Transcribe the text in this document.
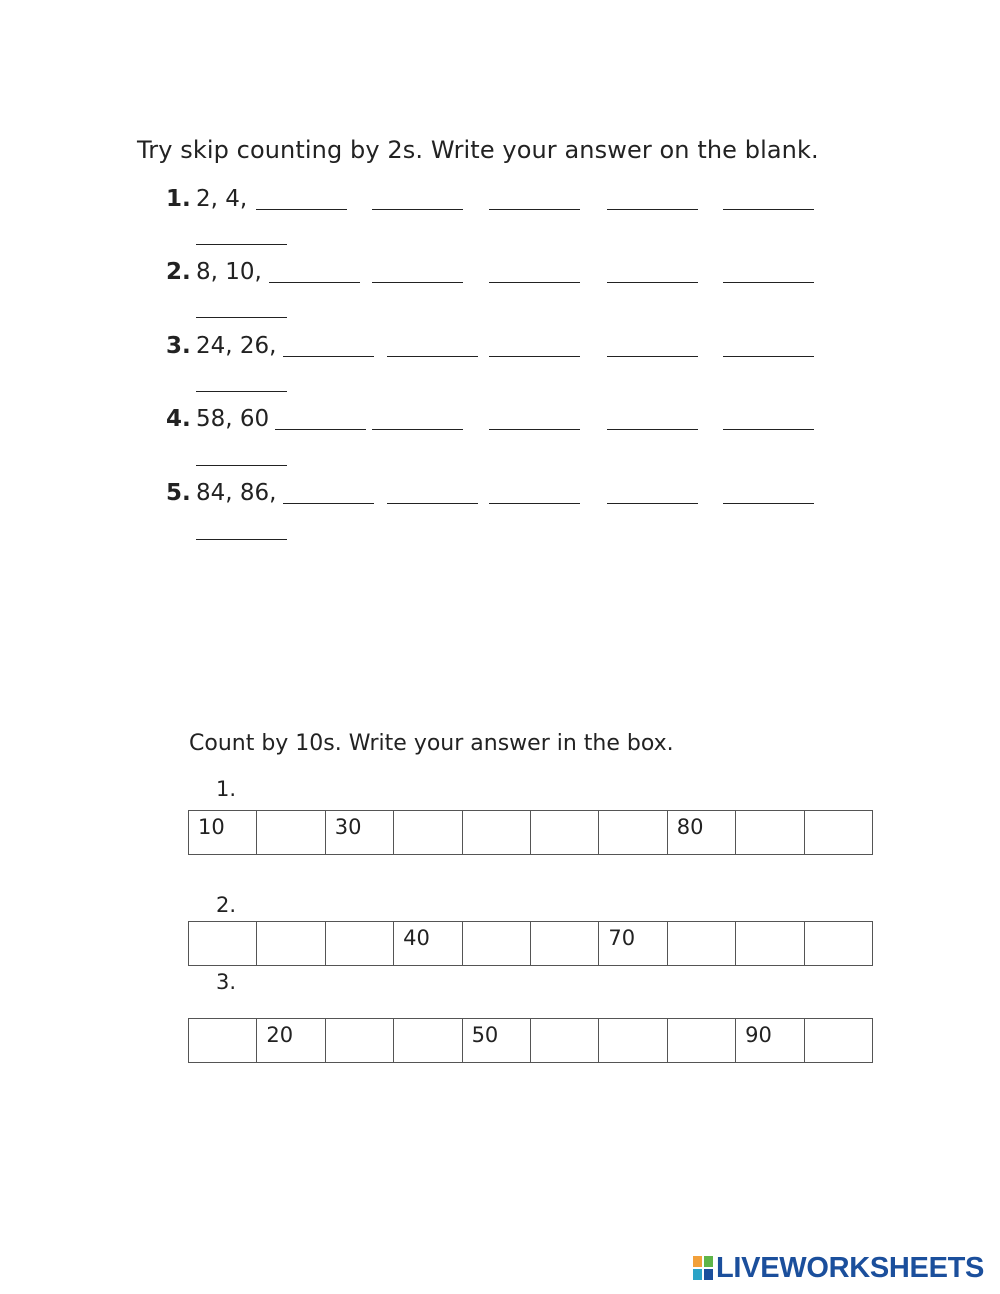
Try skip counting by 2s. Write your answer on the blank.
1. 2, 4,
2. 8, 10,
3. 24, 26,
4. 58, 60
5. 84, 86,
Count by 10s. Write your answer in the box.
1.
10		30					80		
2.
			40			70			
3.
	20			50				90	
LIVEWORKSHEETS
